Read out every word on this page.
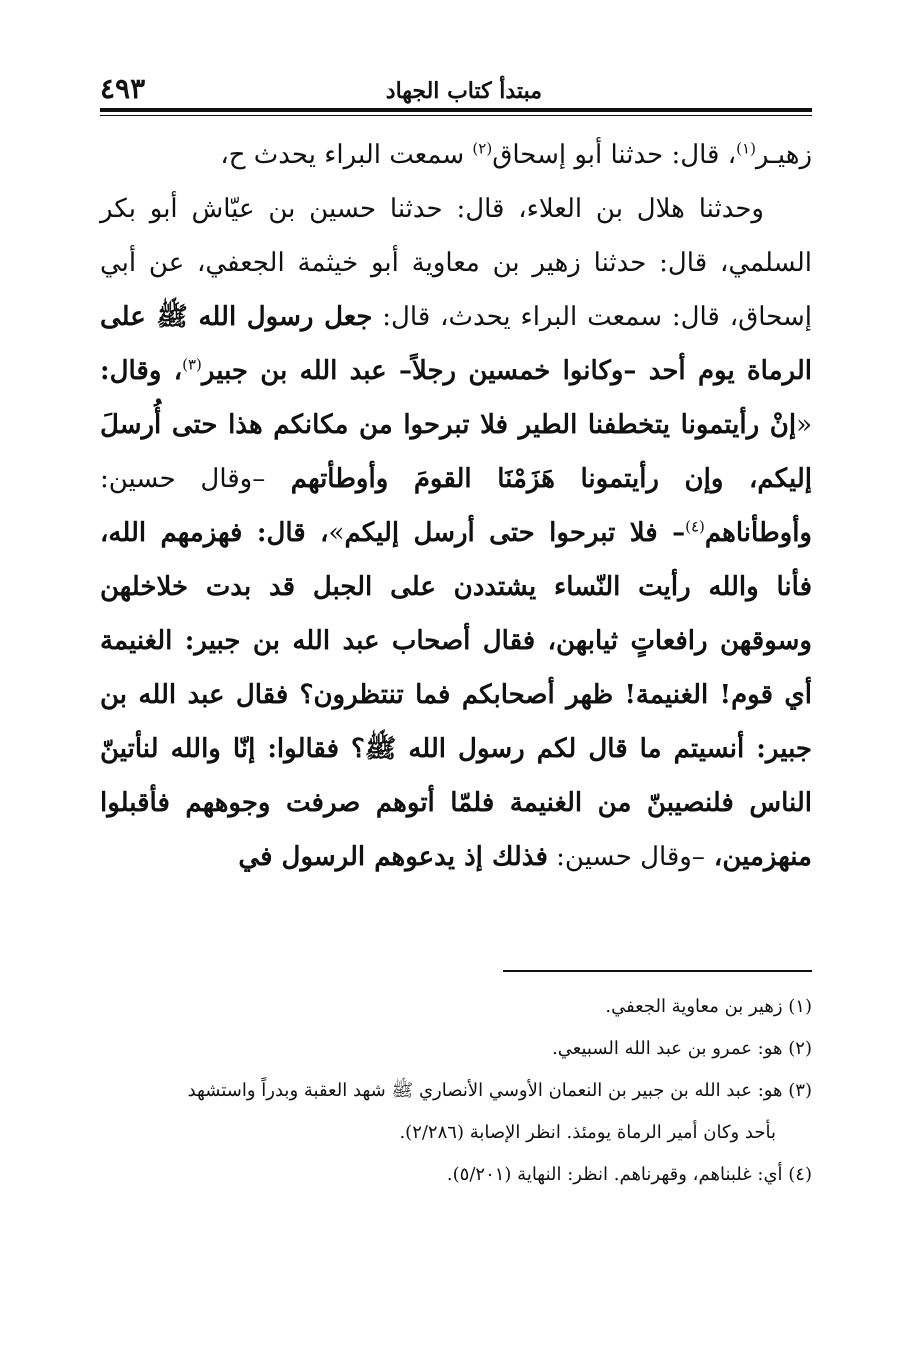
مبتدأ كتاب الجهاد
٤٩٣

زهيـر$^{(١)}$، قال: حدثنا أبو إسحاق$^{(٢)}$ سمعت البراء يحدث ح،

وحدثنا هلال بن العلاء، قال: حدثنا حسين بن عيّاش أبو بكر السلمي، قال: حدثنا زهير بن معاوية أبو خيثمة الجعفي، عن أبي إسحاق، قال: سمعت البراء يحدث، قال: جعل رسول الله ﷺ على الرماة يوم أحد –وكانوا خمسين رجلاً– عبد الله بن جبير$^{(٣)}$، وقال: «إنْ رأيتمونا يتخطفنا الطير فلا تبرحوا من مكانكم هذا حتى أُرسلَ إليكم، وإن رأيتمونا هَزَمْنَا القومَ وأوطأتهم –وقال حسين: وأوطأناهم$^{(٤)}$– فلا تبرحوا حتى أرسل إليكم»، قال: فهزمهم الله، فأنا والله رأيت النّساء يشتددن على الجبل قد بدت خلاخلهن وسوقهن رافعاتٍ ثيابهن، فقال أصحاب عبد الله بن جبير: الغنيمة أي قوم! الغنيمة! ظهر أصحابكم فما تنتظرون؟ فقال عبد الله بن جبير: أنسيتم ما قال لكم رسول الله ﷺ؟ فقالوا: إنّا والله لنأتينّ الناس فلنصيبنّ من الغنيمة فلمّا أتوهم صرفت وجوههم فأقبلوا منهزمين، –وقال حسين: فذلك إذ يدعوهم الرسول في

(١) زهير بن معاوية الجعفي.

(٢) هو: عمرو بن عبد الله السبيعي.

(٣) هو: عبد الله بن جبير بن النعمان الأوسي الأنصاري ﷺ شهد العقبة وبدراً واستشهد

بأحد وكان أمير الرماة يومئذ. انظر الإصابة (٢/٢٨٦).

(٤) أي: غلبناهم، وقهرناهم. انظر: النهاية (٥/٢٠١).
